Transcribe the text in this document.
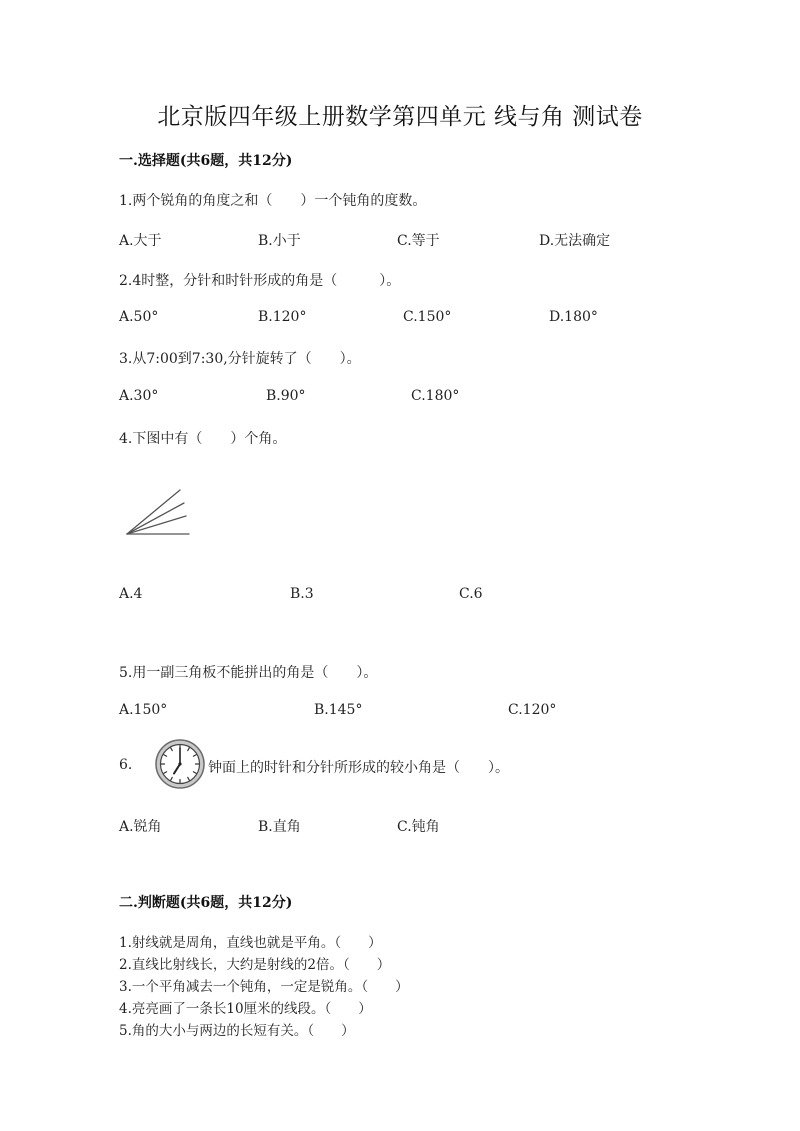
北京版四年级上册数学第四单元 线与角 测试卷
一.选择题(共6题，共12分)
1.两个锐角的角度之和（　　）一个钝角的度数。
A.大于	B.小于	C.等于	D.无法确定
2.4时整，分针和时针形成的角是（　　　）。
A.50°	B.120°	C.150°	D.180°
3.从7:00到7:30,分针旋转了（　　）。
A.30°	B.90°	C.180°
4.下图中有（　　）个角。
A.4	B.3	C.6
5.用一副三角板不能拼出的角是（　　）。
A.150°	B.145°	C.120°
6.	钟面上的时针和分针所形成的较小角是（　　）。
A.锐角	B.直角	C.钝角
二.判断题(共6题，共12分)
1.射线就是周角，直线也就是平角。（　　）
2.直线比射线长，大约是射线的2倍。（　　）
3.一个平角减去一个钝角，一定是锐角。（　　）
4.亮亮画了一条长10厘米的线段。（　　）
5.角的大小与两边的长短有关。（　　）
